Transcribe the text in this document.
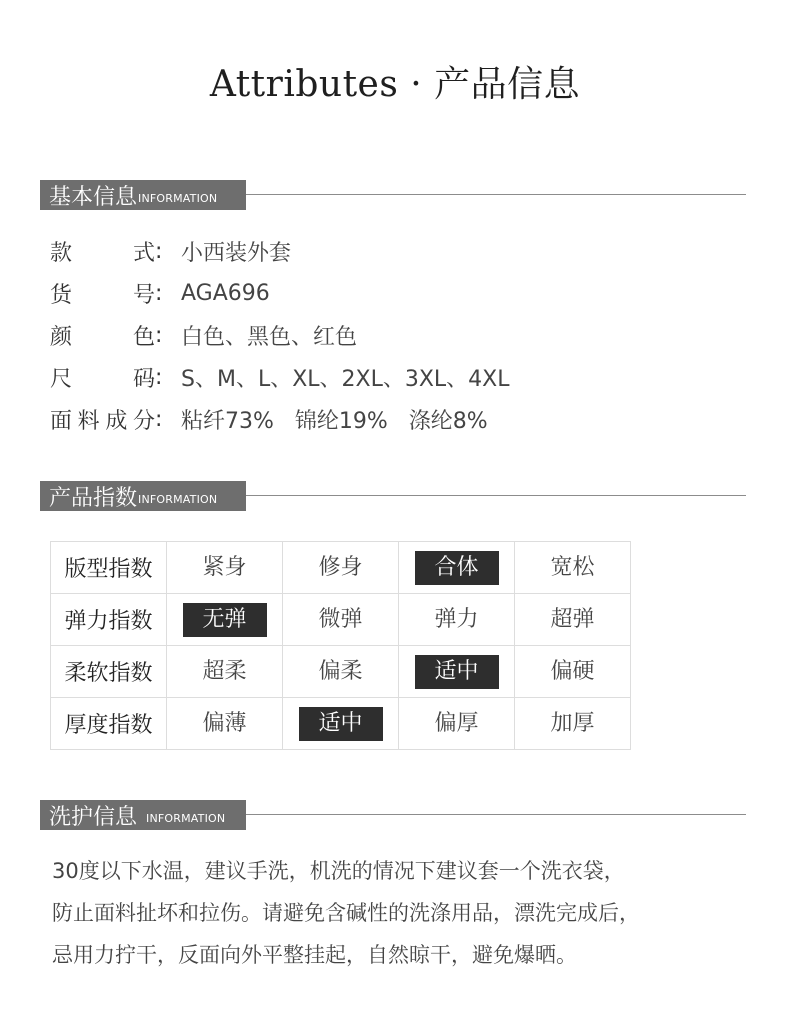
Attributes · 产品信息
基本信息 INFORMATION
款式 : 小西装外套
货号 : AGA696
颜色 : 白色、黑色、红色
尺码 : S、M、L、XL、2XL、3XL、4XL
面料成分 : 粘纤73%   锦纶19%   涤纶8%
产品指数 INFORMATION
版型指数	紧身	修身	合体	宽松
弹力指数	无弹	微弹	弹力	超弹
柔软指数	超柔	偏柔	适中	偏硬
厚度指数	偏薄	适中	偏厚	加厚
洗护信息 INFORMATION
30度以下水温，建议手洗，机洗的情况下建议套一个洗衣袋，
防止面料扯坏和拉伤。请避免含碱性的洗涤用品，漂洗完成后，
忌用力拧干，反面向外平整挂起，自然晾干，避免爆晒。
